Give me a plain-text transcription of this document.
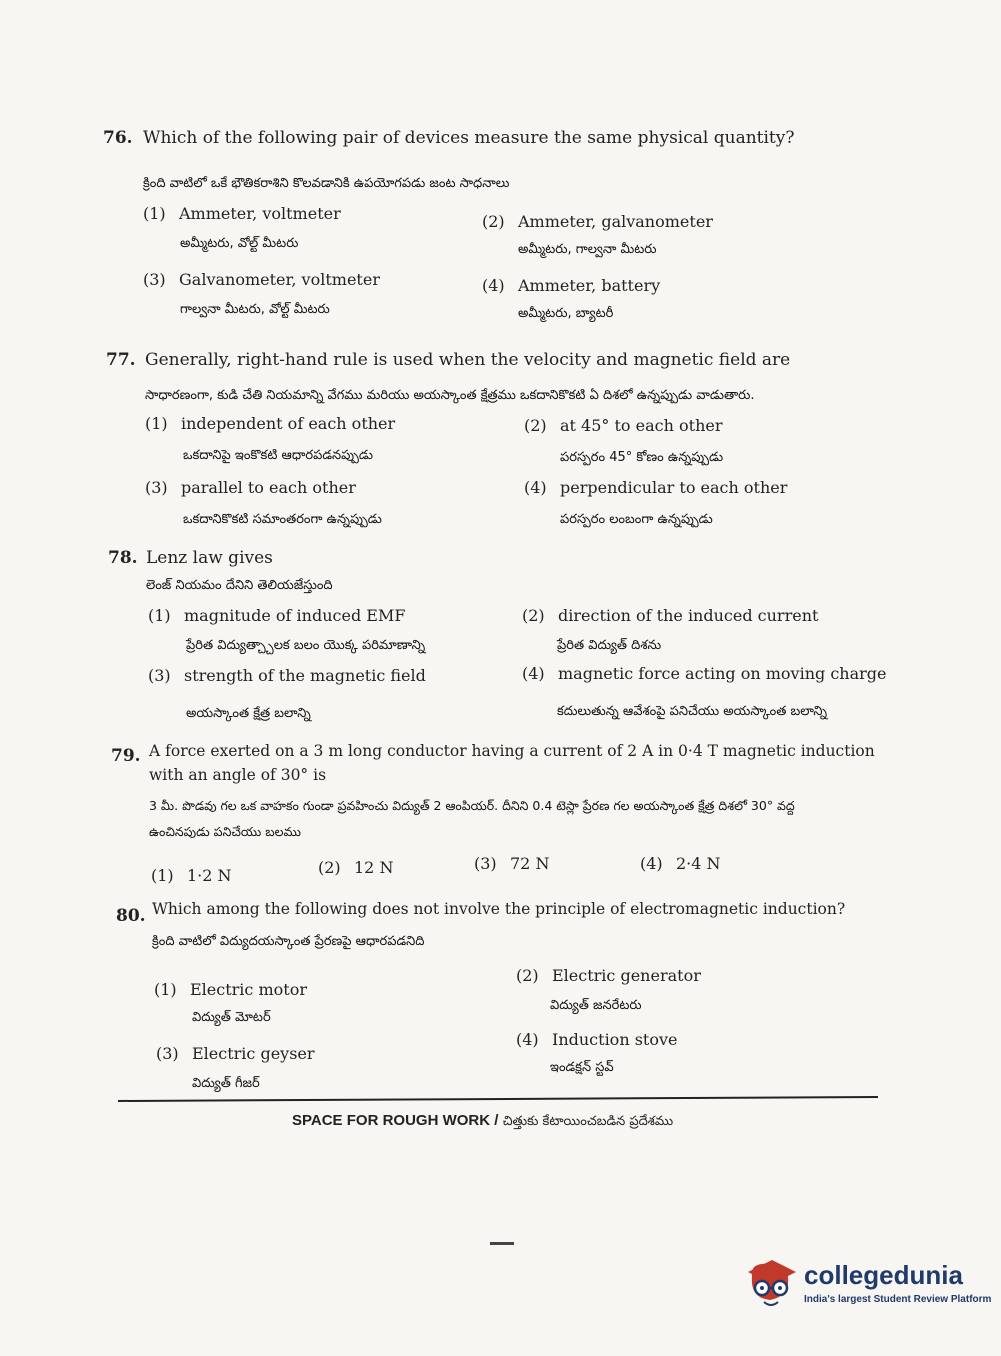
76. Which of the following pair of devices measure the same physical quantity?
క్రింది వాటిలో ఒకే భౌతికరాశిని కొలవడానికి ఉపయోగపడు జంట సాధనాలు
(1) Ammeter, voltmeter
అమ్మీటరు, వోల్ట్ మీటరు
(2) Ammeter, galvanometer
అమ్మీటరు, గాల్వనా మీటరు
(3) Galvanometer, voltmeter
గాల్వనా మీటరు, వోల్ట్ మీటరు
(4) Ammeter, battery
అమ్మీటరు, బ్యాటరీ
77. Generally, right-hand rule is used when the velocity and magnetic field are
సాధారణంగా, కుడి చేతి నియమాన్ని వేగము మరియు అయస్కాంత క్షేత్రము ఒకదానికొకటి ఏ దిశలో ఉన్నప్పుడు వాడుతారు.
(1) independent of each other
ఒకదానిపై ఇంకొకటి ఆధారపడనప్పుడు
(2) at 45° to each other
పరస్పరం 45° కోణం ఉన్నప్పుడు
(3) parallel to each other
ఒకదానికొకటి సమాంతరంగా ఉన్నప్పుడు
(4) perpendicular to each other
పరస్పరం లంబంగా ఉన్నప్పుడు
78. Lenz law gives
లెంజ్ నియమం దేనిని తెలియజేస్తుంది
(1) magnitude of induced EMF
ప్రేరిత విద్యుత్చ్చాలక బలం యొక్క పరిమాణాన్ని
(2) direction of the induced current
ప్రేరిత విద్యుత్ దిశను
(3) strength of the magnetic field
అయస్కాంత క్షేత్ర బలాన్ని
(4) magnetic force acting on moving charge
కదులుతున్న ఆవేశంపై పనిచేయు అయస్కాంత బలాన్ని
79. A force exerted on a 3 m long conductor having a current of 2 A in 0·4 T magnetic induction
with an angle of 30° is
3 మీ. పొడవు గల ఒక వాహకం గుండా ప్రవహించు విద్యుత్ 2 ఆంపియర్. దీనిని 0.4 టెస్లా ప్రేరణ గల అయస్కాంత క్షేత్ర దిశలో 30° వద్ద
ఉంచినపుడు పనిచేయు బలము
(1) 1·2 N	(2) 12 N	(3) 72 N	(4) 2·4 N
80. Which among the following does not involve the principle of electromagnetic induction?
క్రింది వాటిలో విద్యుదయస్కాంత ప్రేరణపై ఆధారపడనిది
(1) Electric motor
విద్యుత్ మోటర్
(2) Electric generator
విద్యుత్ జనరేటరు
(3) Electric geyser
విద్యుత్ గీజర్
(4) Induction stove
ఇండక్షన్ స్టవ్
SPACE FOR ROUGH WORK / చిత్తుకు కేటాయించబడిన ప్రదేశము
collegedunia
India's largest Student Review Platform
